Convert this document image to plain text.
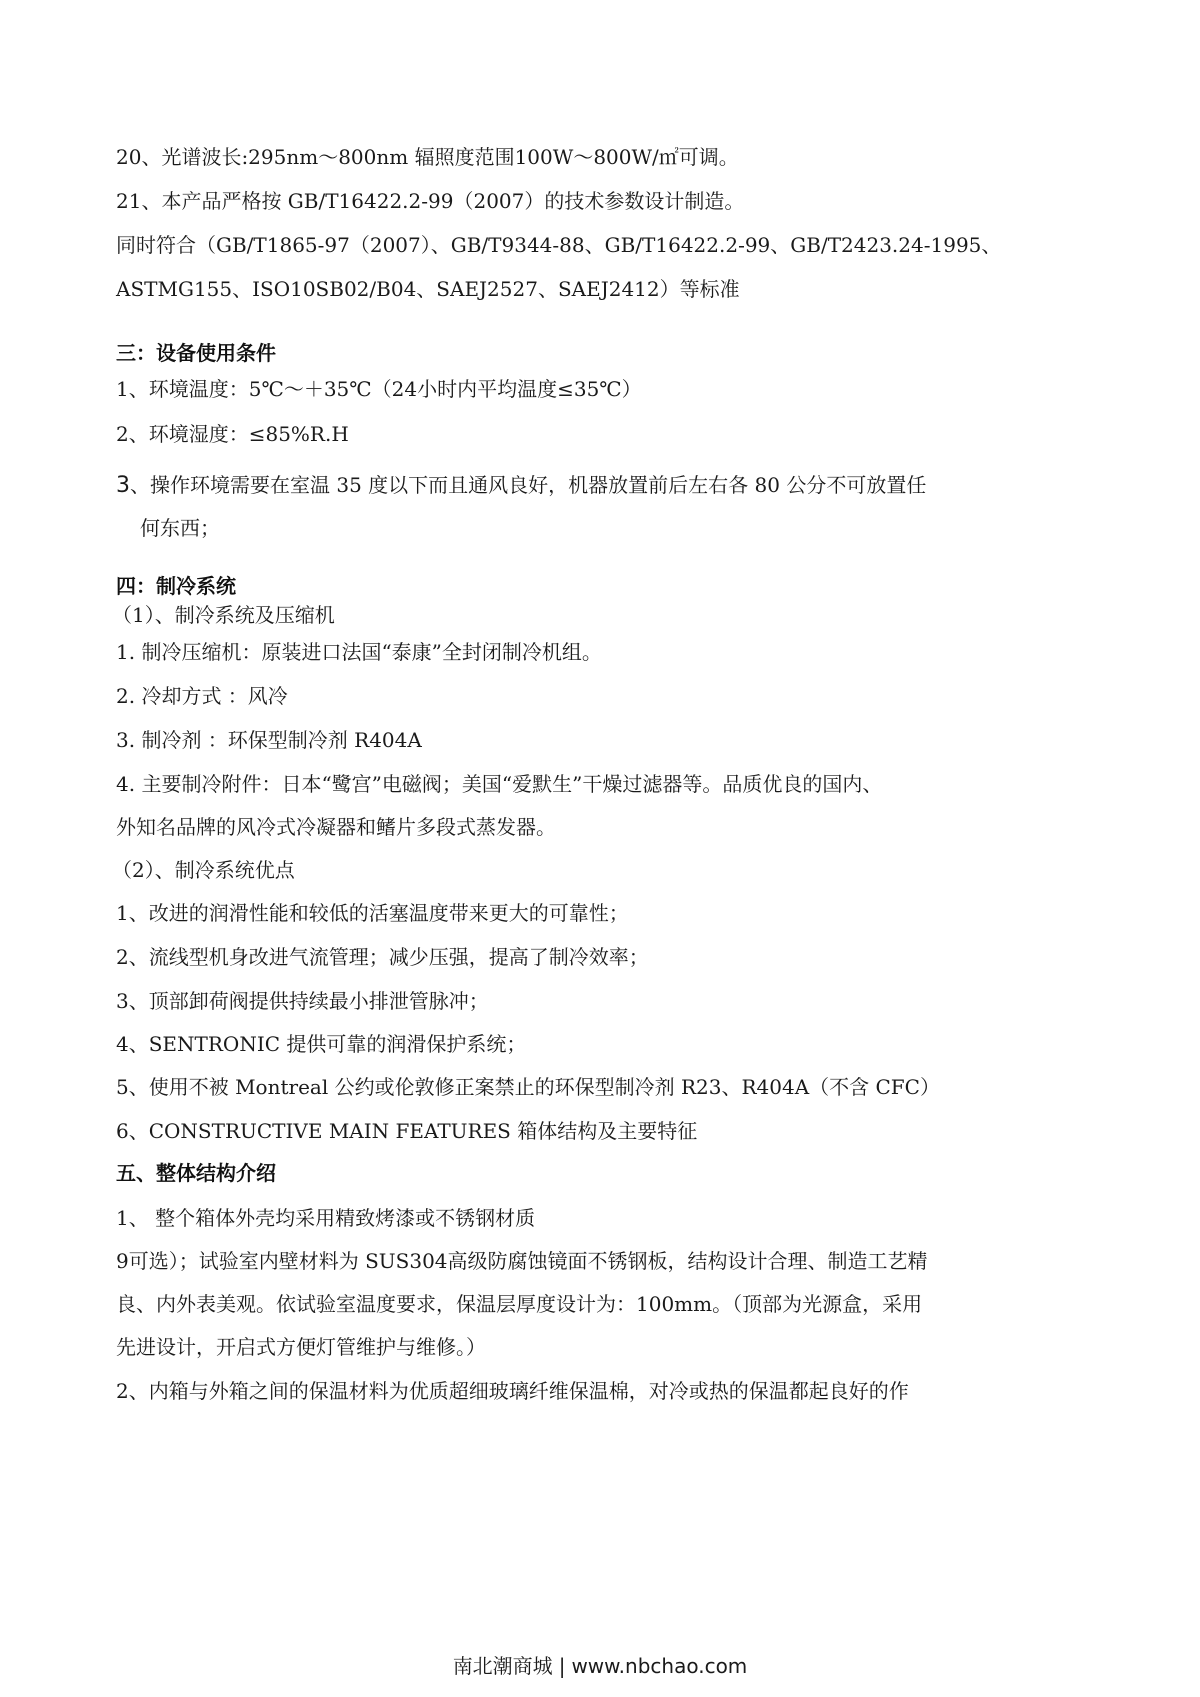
20、光谱波长:295nm～800nm 辐照度范围100W～800W/㎡可调。
21、本产品严格按 GB/T16422.2-99（2007）的技术参数设计制造。
同时符合（GB/T1865-97（2007）、GB/T9344-88、GB/T16422.2-99、GB/T2423.24-1995、
ASTMG155、ISO10SB02/B04、SAEJ2527、SAEJ2412）等标准
三：设备使用条件
1、环境温度：5℃～＋35℃（24小时内平均温度≤35℃）
2、环境湿度：≤85%R.H
3、操作环境需要在室温 35 度以下而且通风良好，机器放置前后左右各 80 公分不可放置任
何东西；
四：制冷系统
（1）、制冷系统及压缩机
1. 制冷压缩机：原装进口法国“泰康”全封闭制冷机组。
2. 冷却方式 ：风冷
3. 制冷剂 ：环保型制冷剂 R404A
4. 主要制冷附件：日本“鹭宫”电磁阀；美国“爱默生”干燥过滤器等。品质优良的国内、
外知名品牌的风冷式冷凝器和鳍片多段式蒸发器。
（2）、制冷系统优点
1、改进的润滑性能和较低的活塞温度带来更大的可靠性；
2、流线型机身改进气流管理；减少压强，提高了制冷效率；
3、顶部卸荷阀提供持续最小排泄管脉冲；
4、SENTRONIC 提供可靠的润滑保护系统；
5、使用不被 Montreal 公约或伦敦修正案禁止的环保型制冷剂 R23、R404A（不含 CFC）
6、CONSTRUCTIVE MAIN FEATURES 箱体结构及主要特征
五、整体结构介绍
1、 整个箱体外壳均采用精致烤漆或不锈钢材质
9可选）；试验室内壁材料为 SUS304高级防腐蚀镜面不锈钢板，结构设计合理、制造工艺精
良、内外表美观。依试验室温度要求，保温层厚度设计为：100mm。（顶部为光源盒，采用
先进设计，开启式方便灯管维护与维修。）
2、内箱与外箱之间的保温材料为优质超细玻璃纤维保温棉，对冷或热的保温都起良好的作
南北潮商城 | www.nbchao.com
